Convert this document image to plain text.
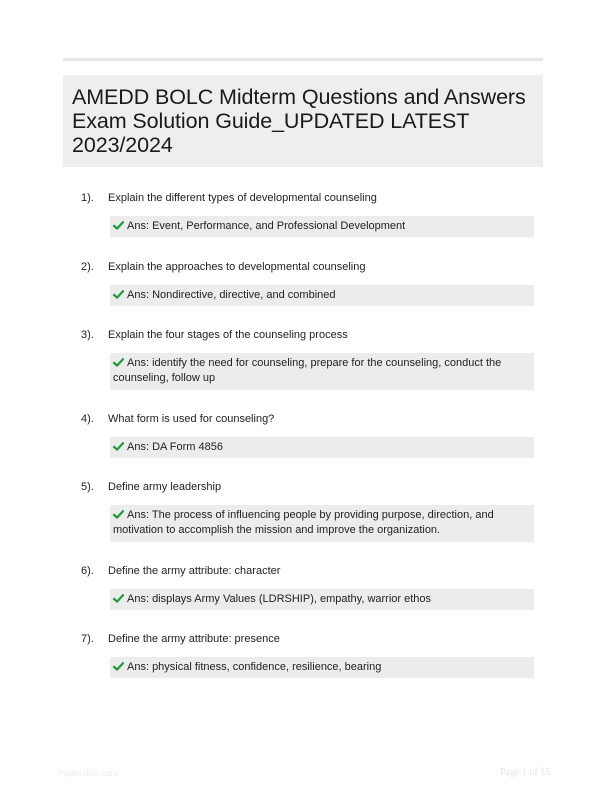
AMEDD BOLC Midterm Questions and Answers Exam Solution Guide_UPDATED LATEST 2023/2024
1). Explain the different types of developmental counseling
Ans: Event, Performance, and Professional Development
2). Explain the approaches to developmental counseling
Ans: Nondirective, directive, and combined
3). Explain the four stages of the counseling process
Ans: identify the need for counseling, prepare for the counseling, conduct the counseling, follow up
4). What form is used for counseling?
Ans: DA Form 4856
5). Define army leadership
Ans: The process of influencing people by providing purpose, direction, and motivation to accomplish the mission and improve the organization.
6). Define the army attribute: character
Ans: displays Army Values (LDRSHIP), empathy, warrior ethos
7). Define the army attribute: presence
Ans: physical fitness, confidence, resilience, bearing
Papersbin.com	Page 1 of 15
